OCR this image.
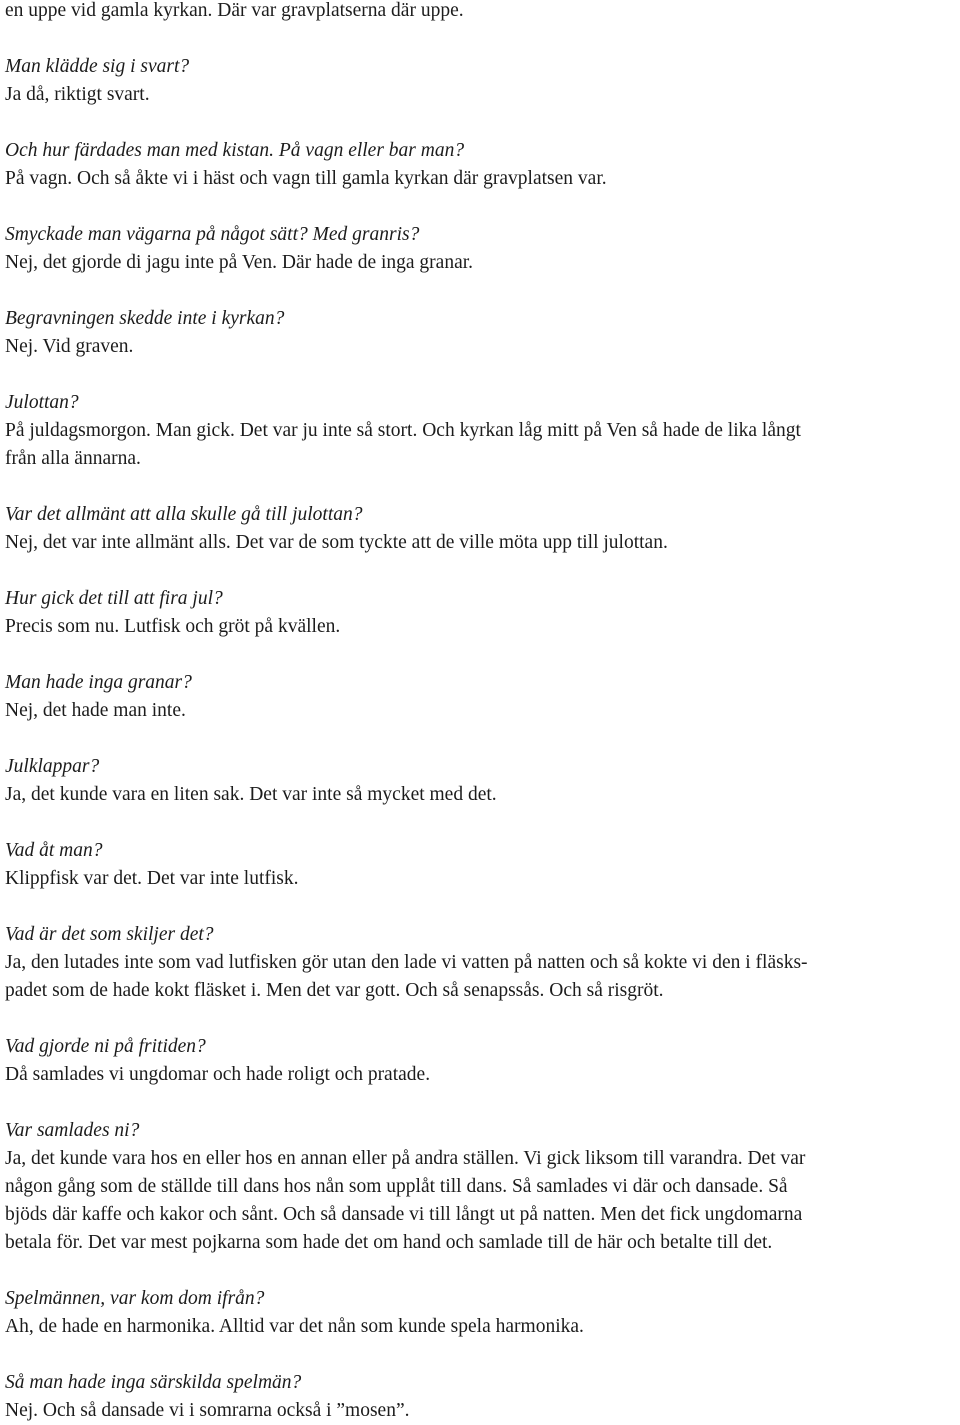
en uppe vid gamla kyrkan. Där var gravplatserna där uppe.

Man klädde sig i svart?

Ja då, riktigt svart.

Och hur färdades man med kistan. På vagn eller bar man?

På vagn. Och så åkte vi i häst och vagn till gamla kyrkan där gravplatsen var.

Smyckade man vägarna på något sätt? Med granris?

Nej, det gjorde di jagu inte på Ven. Där hade de inga granar.

Begravningen skedde inte i kyrkan?

Nej. Vid graven.

Julottan?

På juldagsmorgon. Man gick. Det var ju inte så stort. Och kyrkan låg mitt på Ven så hade de lika långt

från alla ännarna.

Var det allmänt att alla skulle gå till julottan?

Nej, det var inte allmänt alls. Det var de som tyckte att de ville möta upp till julottan.

Hur gick det till att fira jul?

Precis som nu. Lutfisk och gröt på kvällen.

Man hade inga granar?

Nej, det hade man inte.

Julklappar?

Ja, det kunde vara en liten sak. Det var inte så mycket med det.

Vad åt man?

Klippfisk var det. Det var inte lutfisk.

Vad är det som skiljer det?

Ja, den lutades inte som vad lutfisken gör utan den lade vi vatten på natten och så kokte vi den i fläsks-

padet som de hade kokt fläsket i. Men det var gott. Och så senapssås. Och så risgröt.

Vad gjorde ni på fritiden?

Då samlades vi ungdomar och hade roligt och pratade.

Var samlades ni?

Ja, det kunde vara hos en eller hos en annan eller på andra ställen. Vi gick liksom till varandra. Det var

någon gång som de ställde till dans hos nån som upplåt till dans. Så samlades vi där och dansade. Så

bjöds där kaffe och kakor och sånt. Och så dansade vi till långt ut på natten. Men det fick ungdomarna

betala för. Det var mest pojkarna som hade det om hand och samlade till de här och betalte till det.

Spelmännen, var kom dom ifrån?

Ah, de hade en harmonika. Alltid var det nån som kunde spela harmonika.

Så man hade inga särskilda spelmän?

Nej. Och så dansade vi i somrarna också i ”mosen”.
